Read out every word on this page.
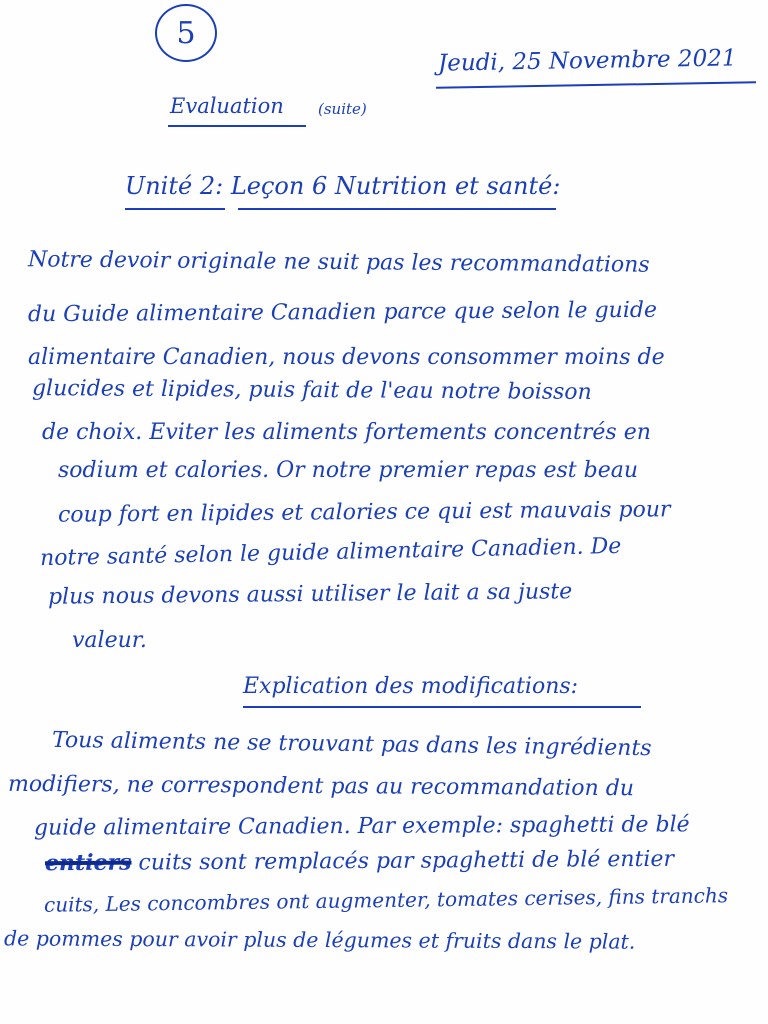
5
Jeudi, 25 Novembre 2021
Evaluation (suite)
Unité 2: Leçon 6 Nutrition et santé:
Notre devoir originale ne suit pas les recommandations
du Guide alimentaire Canadien parce que selon le guide
alimentaire Canadien, nous devons consommer moins de
glucides et lipides, puis fait de l'eau notre boisson
de choix. Eviter les aliments fortements concentrés en
sodium et calories. Or notre premier repas est beau
coup fort en lipides et calories ce qui est mauvais pour
notre santé selon le guide alimentaire Canadien. De
plus nous devons aussi utiliser le lait a sa juste
valeur.
Explication des modifications:
Tous aliments ne se trouvant pas dans les ingrédients
modifiers, ne correspondent pas au recommandation du
guide alimentaire Canadien. Par exemple: spaghetti de blé
entiers cuits sont remplacés par spaghetti de blé entier
cuits, Les concombres ont augmenter, tomates cerises, fins tranchs
de pommes pour avoir plus de légumes et fruits dans le plat.
